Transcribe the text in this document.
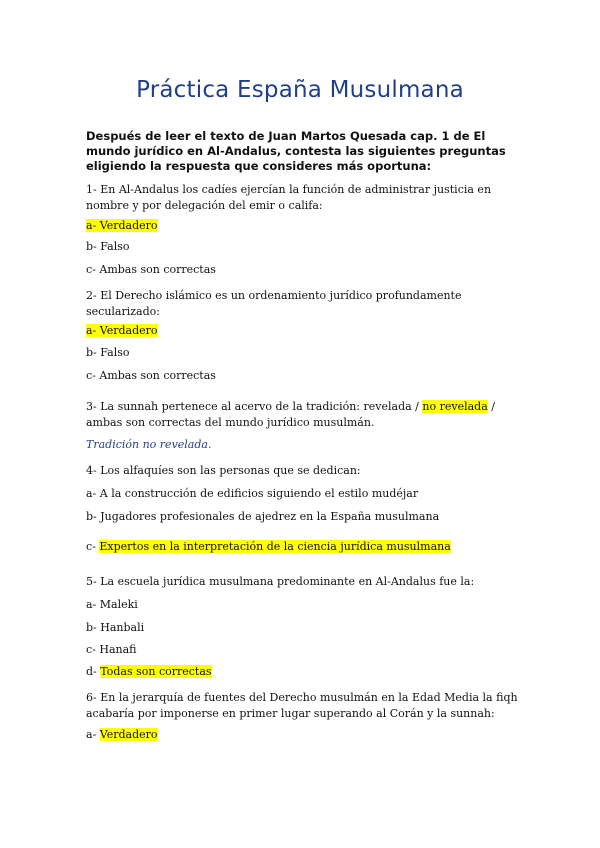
Práctica España Musulmana
Después de leer el texto de Juan Martos Quesada cap. 1 de El mundo jurídico en Al-Andalus, contesta las siguientes preguntas eligiendo la respuesta que consideres más oportuna:
1- En Al-Andalus los cadíes ejercían la función de administrar justicia en nombre y por delegación del emir o califa:
a- Verdadero
b- Falso
c- Ambas son correctas
2- El Derecho islámico es un ordenamiento jurídico profundamente secularizado:
a- Verdadero
b- Falso
c- Ambas son correctas
3- La sunnah pertenece al acervo de la tradición: revelada / no revelada / ambas son correctas del mundo jurídico musulmán.
Tradición no revelada.
4- Los alfaquíes son las personas que se dedican:
a- A la construcción de edificios siguiendo el estilo mudéjar
b- Jugadores profesionales de ajedrez en la España musulmana
c- Expertos en la interpretación de la ciencia jurídica musulmana
5- La escuela jurídica musulmana predominante en Al-Andalus fue la:
a- Maleki
b- Hanbali
c- Hanafi
d- Todas son correctas
6- En la jerarquía de fuentes del Derecho musulmán en la Edad Media la fiqh acabaría por imponerse en primer lugar superando al Corán y la sunnah:
a- Verdadero
